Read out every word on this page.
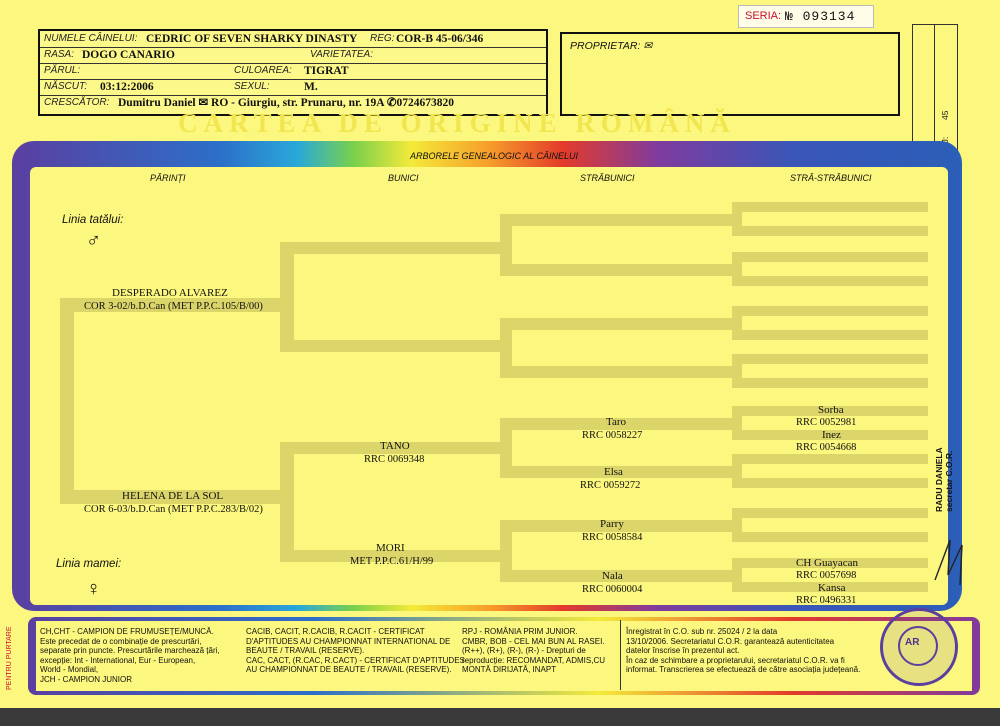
SERIA: № 093134
NUMELE CÂINELUI: CEDRIC OF SEVEN SHARKY DINASTY REG: COR-B 45-06/346
RASA: DOGO CANARIO	VARIETATEA:
PĂRUL:	CULOAREA: TIGRAT
NĂSCUT: 03:12:2006	SEXUL:	M.
CRESCĂTOR: Dumitru Daniel ✉ RO - Giurgiu, str. Prunaru, nr. 19A ✆0724673820
PROPRIETAR: ✉
45
CARTEA DE ORIGINE ROMÂNĂ
ARBORELE GENEALOGIC AL CÂINELUI
PĂRINȚI	BUNICI	STRĂBUNICI	STRĂ-STRĂBUNICI
Linia tatălui:
♂
Linia mamei:
♀
DESPERADO ALVAREZ
COR 3-02/b.D.Can (MET P.P.C.105/B/00)
HELENA DE LA SOL
COR 6-03/b.D.Can (MET P.P.C.283/B/02)
TANO
RRC 0069348
MORI
MET P.P.C.61/H/99
Taro
RRC 0058227
Elsa
RRC 0059272
Parry
RRC 0058584
Nala
RRC 0060004
Sorba
RRC 0052981
Inez
RRC 0054668
CH Guayacan
RRC 0057698
Kansa
RRC 0496331
RADU DANIELA secretar C.O.R.
PENTRU PURTARE	CH,CHT - CAMPION DE FRUMUSEȚE/MUNCĂ.
Este precedat de o combinație de prescurtări,
separate prin puncte. Prescurtările marchează țări,
excepție: Int - International, Eur - European,
World - Mondial,
JCH - CAMPION JUNIOR
CACIB, CACIT, R.CACIB, R.CACIT - CERTIFICAT
D'APTITUDES AU CHAMPIONNAT INTERNATIONAL DE
BEAUTE / TRAVAIL (RESERVE).
CAC, CACT, (R.CAC, R.CACT) - CERTIFICAT D'APTITUDES
AU CHAMPIONNAT DE BEAUTE / TRAVAIL (RESERVE).
RPJ - ROMÂNIA PRIM JUNIOR.
CMBR, BOB - CEL MAI BUN AL RASEI.
(R++), (R+), (R-), (R-) - Drepturi de
reproducție: RECOMANDAT, ADMIS,CU
MONTĂ DIRIJATĂ, INAPT
Înregistrat în C.O. sub nr. 25024 / 2 la data
13/10/2006. Secretariatul C.O.R. garantează autenticitatea
datelor înscrise în prezentul act.
În caz de schimbare a proprietarului, secretariatul C.O.R. va fi
informat. Transcrierea se efectuează de către asociația județeană.
AR
